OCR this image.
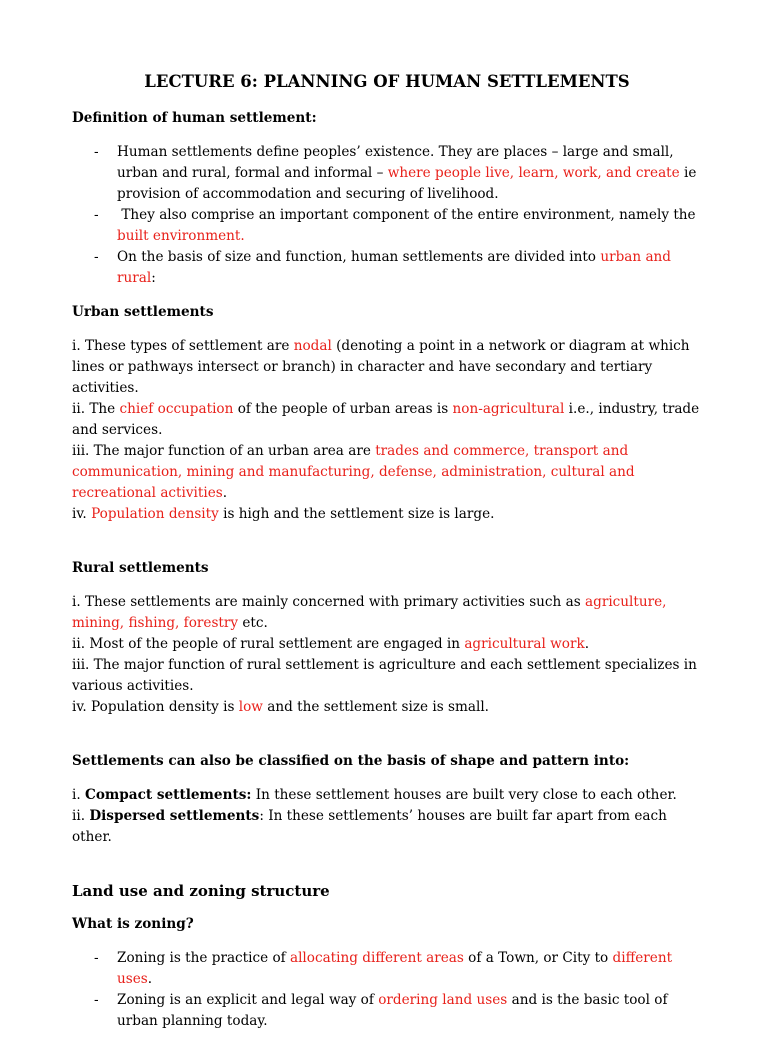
LECTURE 6: PLANNING OF HUMAN SETTLEMENTS
Definition of human settlement:
- Human settlements define peoples’ existence. They are places – large and small, urban and rural, formal and informal – where people live, learn, work, and create ie provision of accommodation and securing of livelihood.
- They also comprise an important component of the entire environment, namely the built environment.
- On the basis of size and function, human settlements are divided into urban and rural:
Urban settlements

i. These types of settlement are nodal (denoting a point in a network or diagram at which lines or pathways intersect or branch) in character and have secondary and tertiary activities.

ii. The chief occupation of the people of urban areas is non-agricultural i.e., industry, trade and services.

iii. The major function of an urban area are trades and commerce, transport and communication, mining and manufacturing, defense, administration, cultural and recreational activities.

iv. Population density is high and the settlement size is large.

Rural settlements

i. These settlements are mainly concerned with primary activities such as agriculture, mining, fishing, forestry etc.

ii. Most of the people of rural settlement are engaged in agricultural work.

iii. The major function of rural settlement is agriculture and each settlement specializes in various activities.

iv. Population density is low and the settlement size is small.

Settlements can also be classified on the basis of shape and pattern into:

i. Compact settlements: In these settlement houses are built very close to each other.

ii. Dispersed settlements: In these settlements’ houses are built far apart from each other.

Land use and zoning structure
What is zoning?
- Zoning is the practice of allocating different areas of a Town, or City to different uses.
- Zoning is an explicit and legal way of ordering land uses and is the basic tool of urban planning today.
